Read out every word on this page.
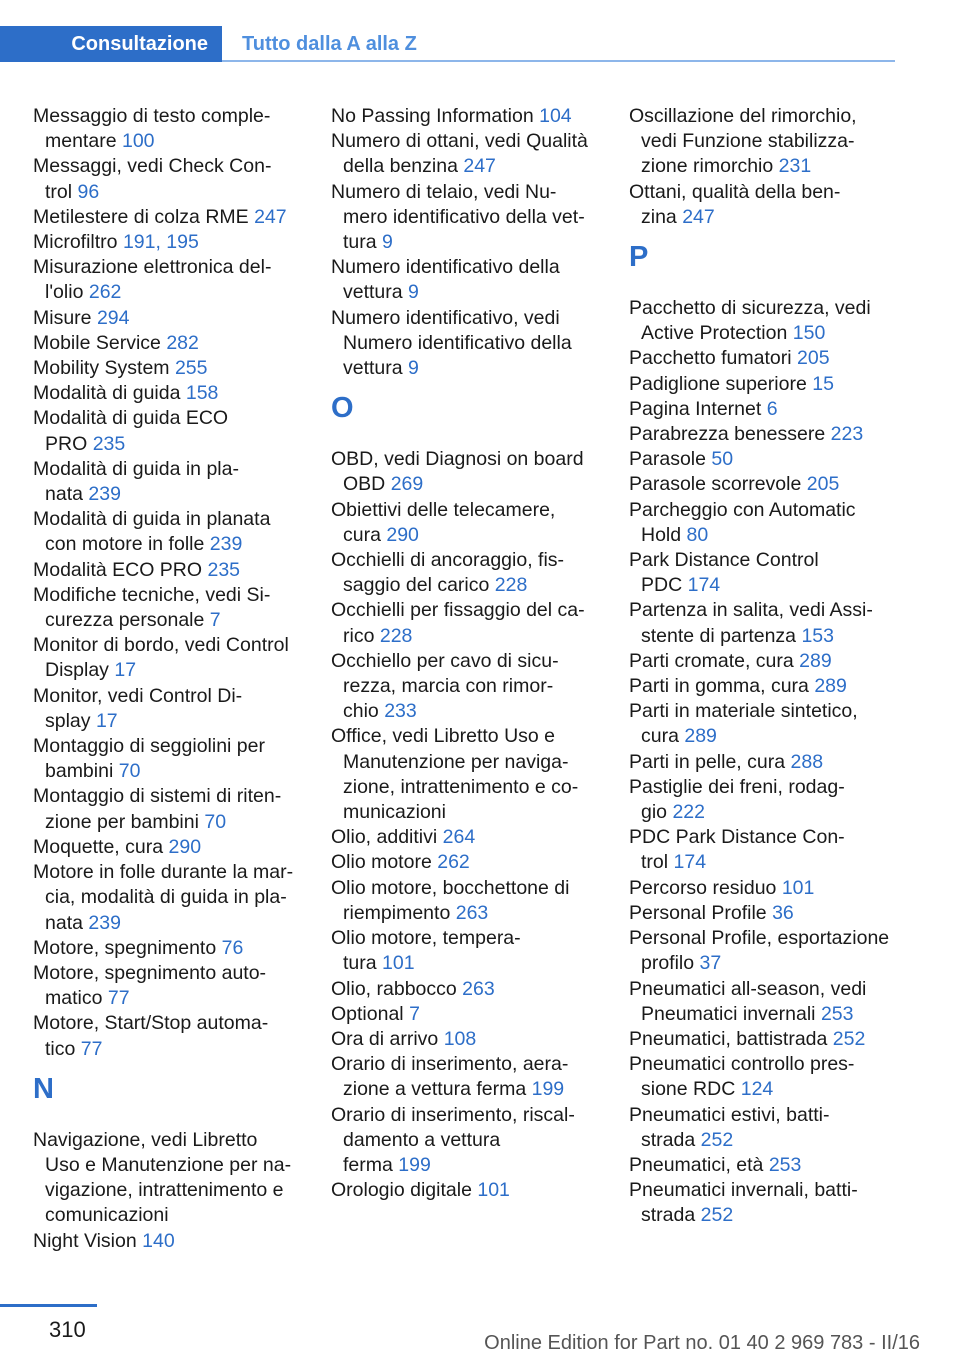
Consultazione	Tutto dalla A alla Z
Messaggio di testo comple-
mentare 100
Messaggi, vedi Check Con-
trol 96
Metilestere di colza RME 247
Microfiltro 191, 195
Misurazione elettronica del-
l'olio 262
Misure 294
Mobile Service 282
Mobility System 255
Modalità di guida 158
Modalità di guida ECO
PRO 235
Modalità di guida in pla-
nata 239
Modalità di guida in planata
con motore in folle 239
Modalità ECO PRO 235
Modifiche tecniche, vedi Si-
curezza personale 7
Monitor di bordo, vedi Control
Display 17
Monitor, vedi Control Di-
splay 17
Montaggio di seggiolini per
bambini 70
Montaggio di sistemi di riten-
zione per bambini 70
Moquette, cura 290
Motore in folle durante la mar-
cia, modalità di guida in pla-
nata 239
Motore, spegnimento 76
Motore, spegnimento auto-
matico 77
Motore, Start/Stop automa-
tico 77
N
Navigazione, vedi Libretto
Uso e Manutenzione per na-
vigazione, intrattenimento e
comunicazioni
Night Vision 140
No Passing Information 104
Numero di ottani, vedi Qualità
della benzina 247
Numero di telaio, vedi Nu-
mero identificativo della vet-
tura 9
Numero identificativo della
vettura 9
Numero identificativo, vedi
Numero identificativo della
vettura 9
O
OBD, vedi Diagnosi on board
OBD 269
Obiettivi delle telecamere,
cura 290
Occhielli di ancoraggio, fis-
saggio del carico 228
Occhielli per fissaggio del ca-
rico 228
Occhiello per cavo di sicu-
rezza, marcia con rimor-
chio 233
Office, vedi Libretto Uso e
Manutenzione per naviga-
zione, intrattenimento e co-
municazioni
Olio, additivi 264
Olio motore 262
Olio motore, bocchettone di
riempimento 263
Olio motore, tempera-
tura 101
Olio, rabbocco 263
Optional 7
Ora di arrivo 108
Orario di inserimento, aera-
zione a vettura ferma 199
Orario di inserimento, riscal-
damento a vettura
ferma 199
Orologio digitale 101
Oscillazione del rimorchio,
vedi Funzione stabilizza-
zione rimorchio 231
Ottani, qualità della ben-
zina 247
P
Pacchetto di sicurezza, vedi
Active Protection 150
Pacchetto fumatori 205
Padiglione superiore 15
Pagina Internet 6
Parabrezza benessere 223
Parasole 50
Parasole scorrevole 205
Parcheggio con Automatic
Hold 80
Park Distance Control
PDC 174
Partenza in salita, vedi Assi-
stente di partenza 153
Parti cromate, cura 289
Parti in gomma, cura 289
Parti in materiale sintetico,
cura 289
Parti in pelle, cura 288
Pastiglie dei freni, rodag-
gio 222
PDC Park Distance Con-
trol 174
Percorso residuo 101
Personal Profile 36
Personal Profile, esportazione
profilo 37
Pneumatici all-season, vedi
Pneumatici invernali 253
Pneumatici, battistrada 252
Pneumatici controllo pres-
sione RDC 124
Pneumatici estivi, batti-
strada 252
Pneumatici, età 253
Pneumatici invernali, batti-
strada 252
310
Online Edition for Part no. 01 40 2 969 783 - II/16
